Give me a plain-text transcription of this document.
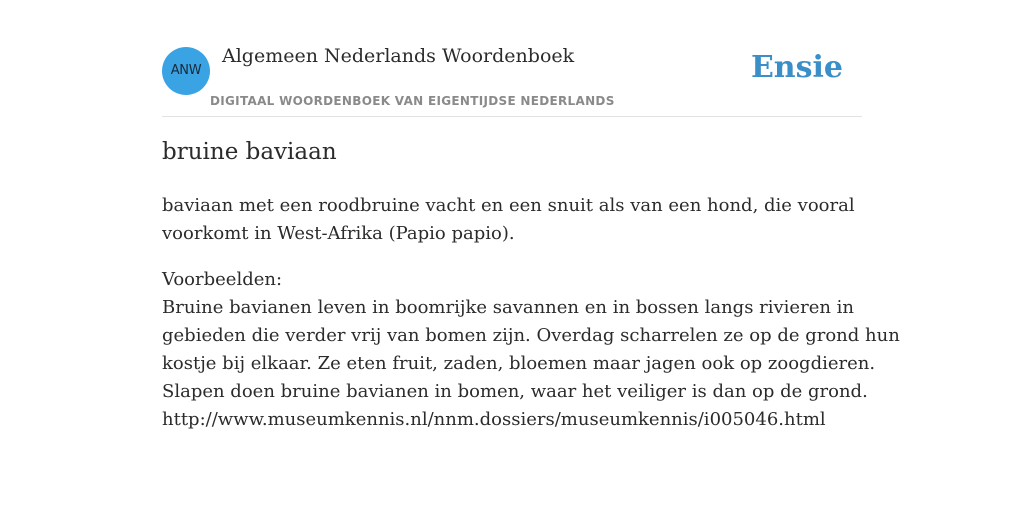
ANW
Algemeen Nederlands Woordenboek
DIGITAAL WOORDENBOEK VAN EIGENTIJDSE NEDERLANDS
Ensie
bruine baviaan
baviaan met een roodbruine vacht en een snuit als van een hond, die vooral
voorkomt in West-Afrika (Papio papio).
Voorbeelden:
Bruine bavianen leven in boomrijke savannen en in bossen langs rivieren in
gebieden die verder vrij van bomen zijn. Overdag scharrelen ze op de grond hun
kostje bij elkaar. Ze eten fruit, zaden, bloemen maar jagen ook op zoogdieren.
Slapen doen bruine bavianen in bomen, waar het veiliger is dan op de grond.
http://www.museumkennis.nl/nnm.dossiers/museumkennis/i005046.html
